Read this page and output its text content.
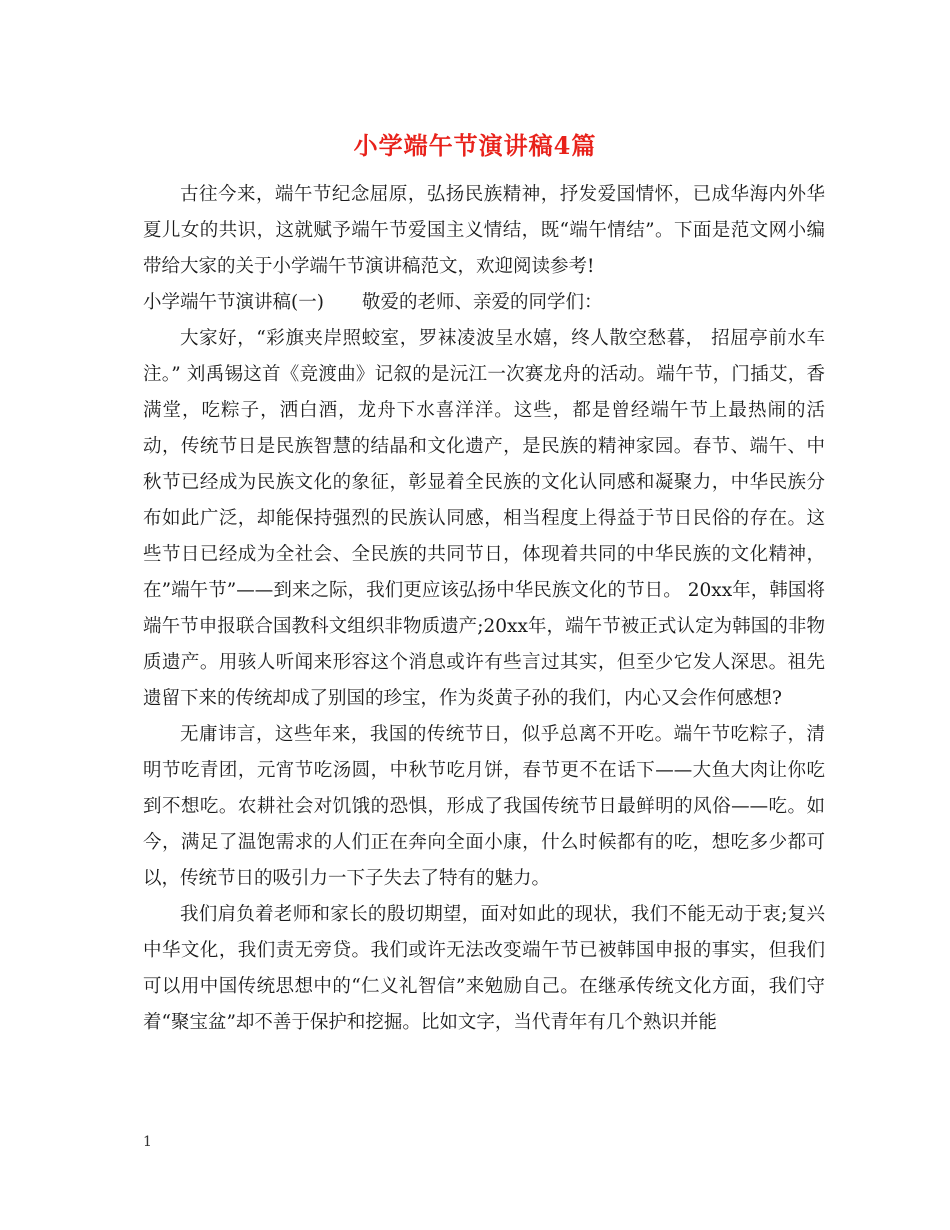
小学端午节演讲稿4篇

古往今来，端午节纪念屈原，弘扬民族精神，抒发爱国情怀，已成华海内外华夏儿女的共识，这就赋予端午节爱国主义情结，既“端午情结”。下面是范文网小编带给大家的关于小学端午节演讲稿范文，欢迎阅读参考!

小学端午节演讲稿(一) 敬爱的老师、亲爱的同学们：

大家好，“彩旗夹岸照蛟室，罗袜凌波呈水嬉，终人散空愁暮， 招屈亭前水车注。” 刘禹锡这首《竞渡曲》记叙的是沅江一次赛龙舟的活动。端午节，门插艾，香满堂，吃粽子，洒白酒，龙舟下水喜洋洋。这些，都是曾经端午节上最热闹的活动，传统节日是民族智慧的结晶和文化遗产，是民族的精神家园。春节、端午、中秋节已经成为民族文化的象征，彰显着全民族的文化认同感和凝聚力，中华民族分布如此广泛，却能保持强烈的民族认同感，相当程度上得益于节日民俗的存在。这些节日已经成为全社会、全民族的共同节日，体现着共同的中华民族的文化精神，在”端午节”——到来之际，我们更应该弘扬中华民族文化的节日。 20xx年，韩国将端午节申报联合国教科文组织非物质遗产;20xx年，端午节被正式认定为韩国的非物质遗产。用骇人听闻来形容这个消息或许有些言过其实，但至少它发人深思。祖先遗留下来的传统却成了别国的珍宝，作为炎黄子孙的我们，内心又会作何感想?

无庸讳言，这些年来，我国的传统节日，似乎总离不开吃。端午节吃粽子，清明节吃青团，元宵节吃汤圆，中秋节吃月饼，春节更不在话下——大鱼大肉让你吃到不想吃。农耕社会对饥饿的恐惧，形成了我国传统节日最鲜明的风俗——吃。如今，满足了温饱需求的人们正在奔向全面小康，什么时候都有的吃，想吃多少都可以，传统节日的吸引力一下子失去了特有的魅力。

我们肩负着老师和家长的殷切期望，面对如此的现状，我们不能无动于衷;复兴中华文化，我们责无旁贷。我们或许无法改变端午节已被韩国申报的事实，但我们可以用中国传统思想中的“仁义礼智信”来勉励自己。在继承传统文化方面，我们守着“聚宝盆”却不善于保护和挖掘。比如文字，当代青年有几个熟识并能

1
